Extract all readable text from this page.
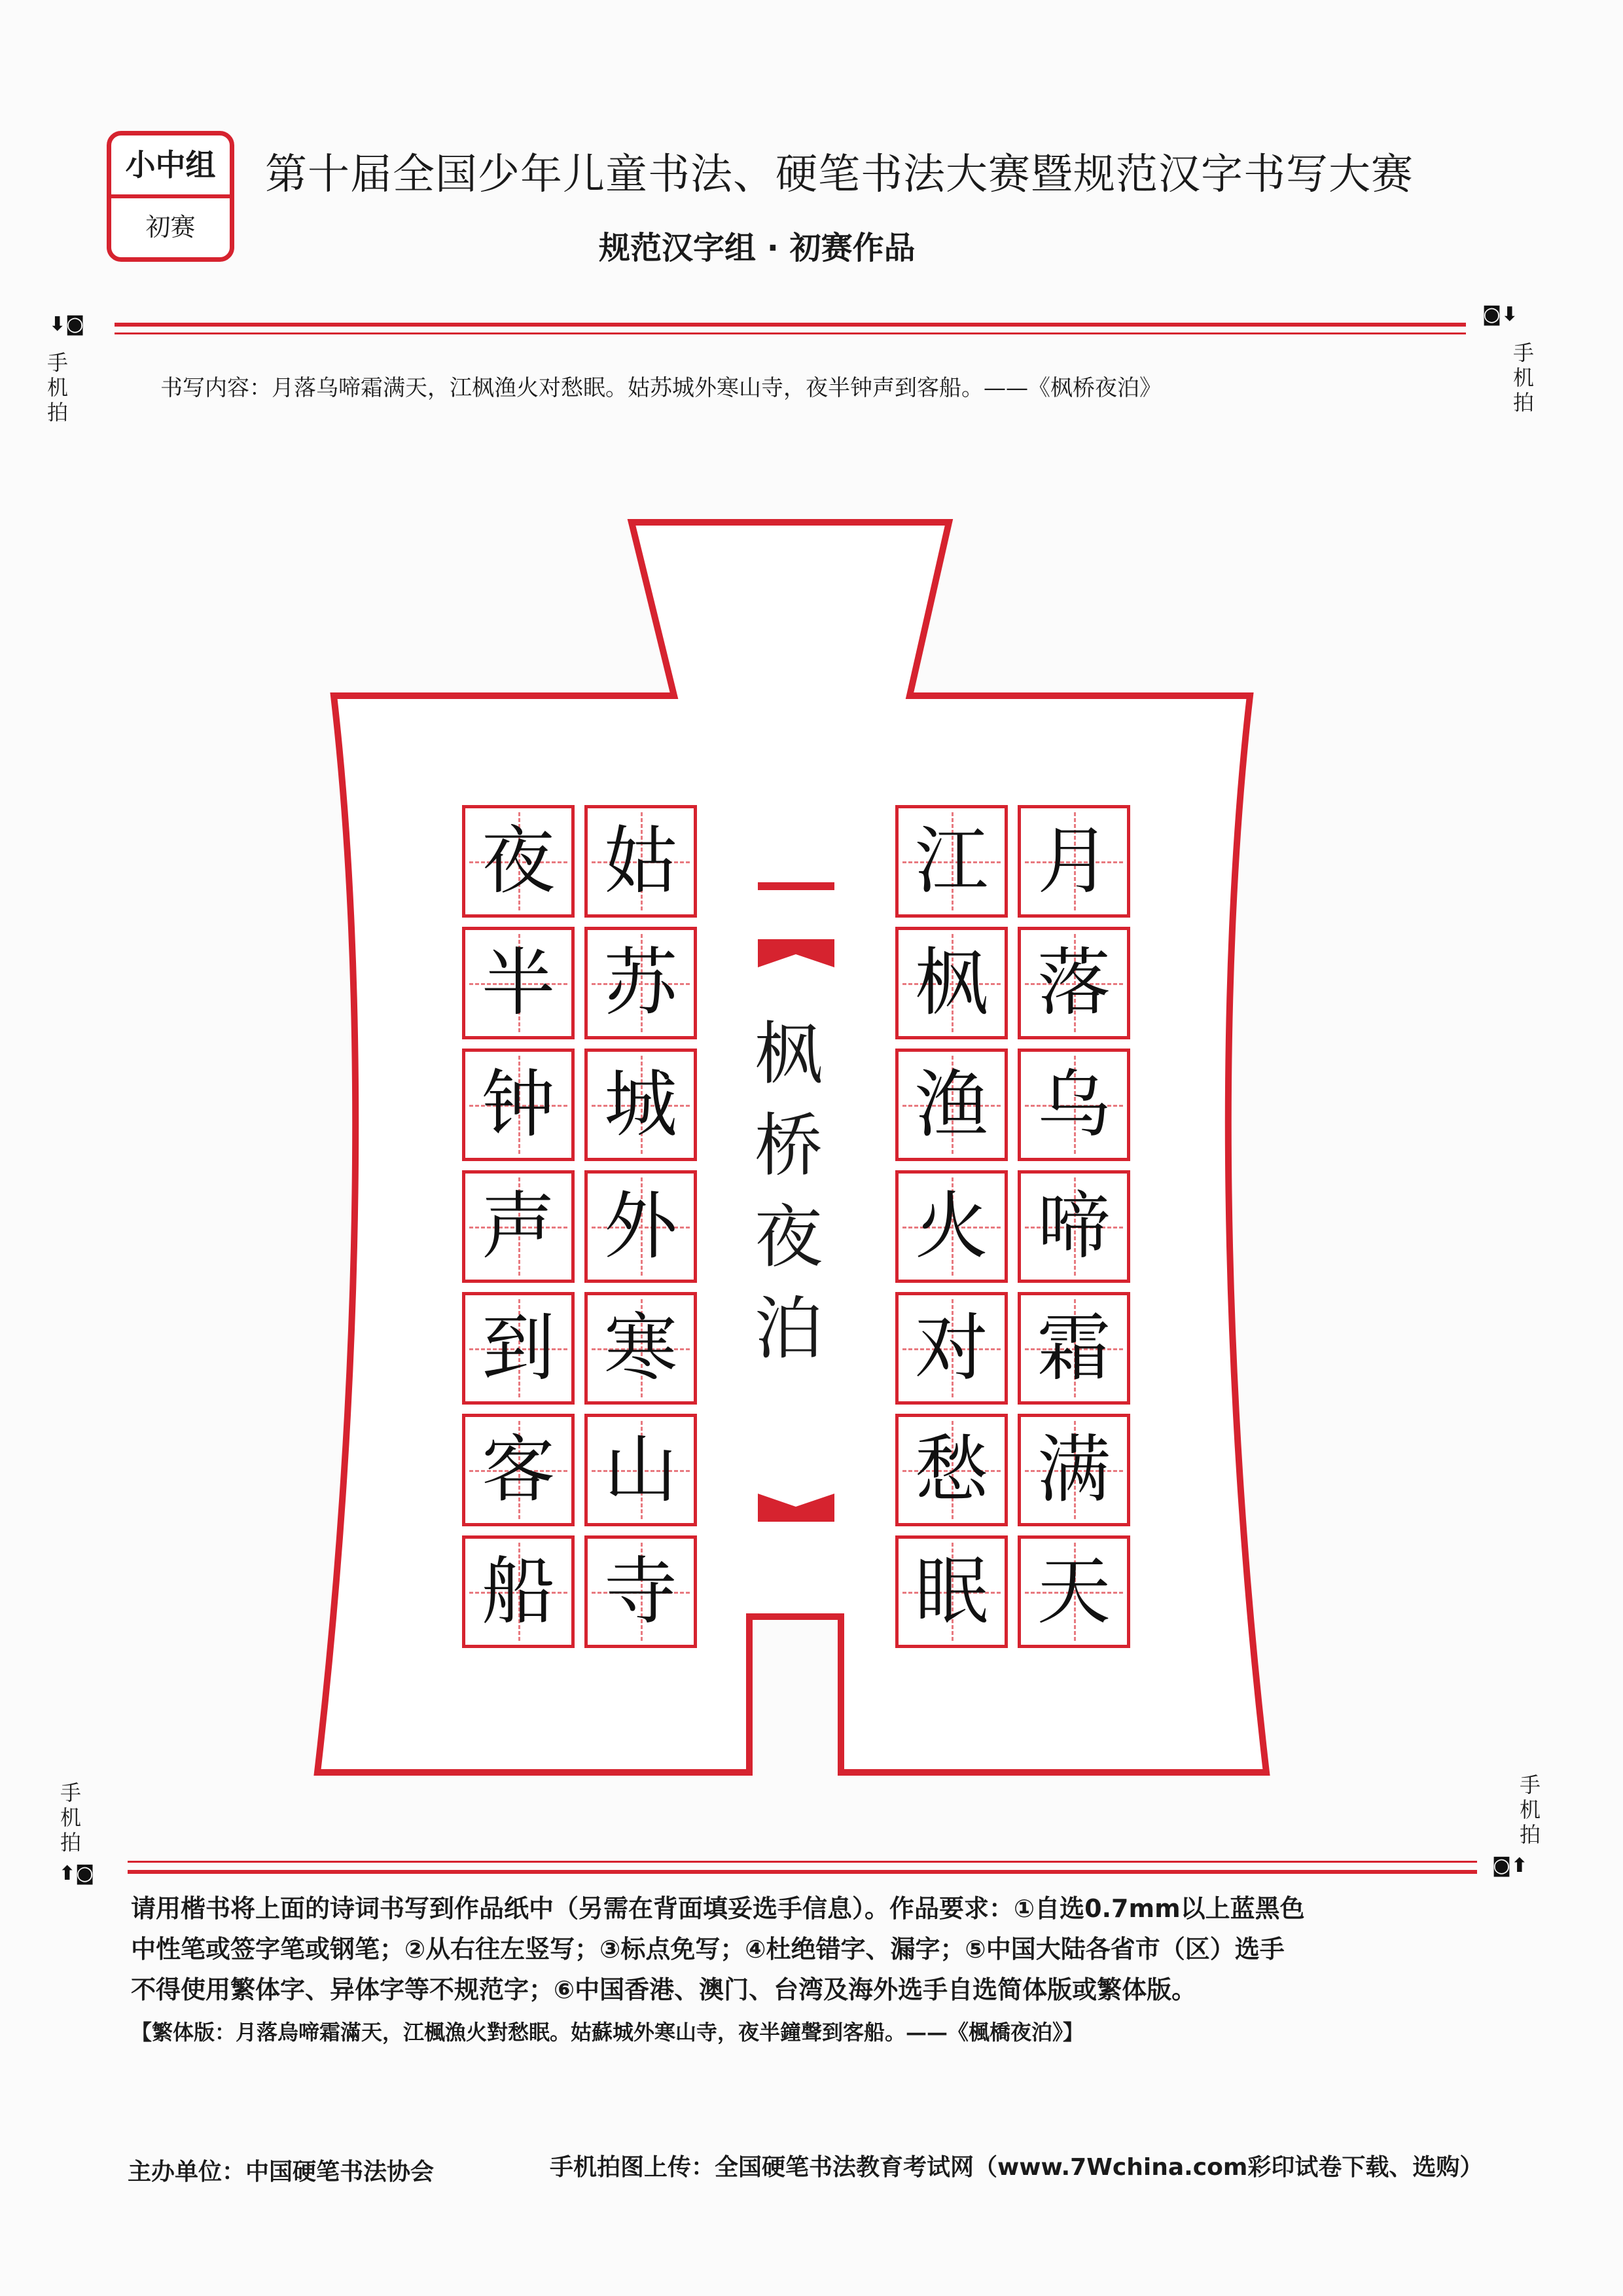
小中组
初赛
第十届全国少年儿童书法、硬笔书法大赛暨规范汉字书写大赛
规范汉字组 · 初赛作品
⬇◙
手
机
拍
◙⬇
手
机
拍
书写内容：月落乌啼霜满天，江枫渔火对愁眠。姑苏城外寒山寺，夜半钟声到客船。——《枫桥夜泊》
枫
桥
夜
泊
月
落
乌
啼
霜
满
天
江
枫
渔
火
对
愁
眠
姑
苏
城
外
寒
山
寺
夜
半
钟
声
到
客
船
手
机
拍
⬆◙
手
机
拍
◙⬆

请用楷书将上面的诗词书写到作品纸中（另需在背面填妥选手信息）。作品要求：①自选0.7mm以上蓝黑色

中性笔或签字笔或钢笔；②从右往左竖写；③标点免写；④杜绝错字、漏字；⑤中国大陆各省市（区）选手

不得使用繁体字、异体字等不规范字；⑥中国香港、澳门、台湾及海外选手自选简体版或繁体版。

【繁体版：月落烏啼霜滿天，江楓漁火對愁眠。姑蘇城外寒山寺，夜半鐘聲到客船。——《楓橋夜泊》】
主办单位：中国硬笔书法协会	手机拍图上传：全国硬笔书法教育考试网（www.7Wchina.com彩印试卷下载、选购）
